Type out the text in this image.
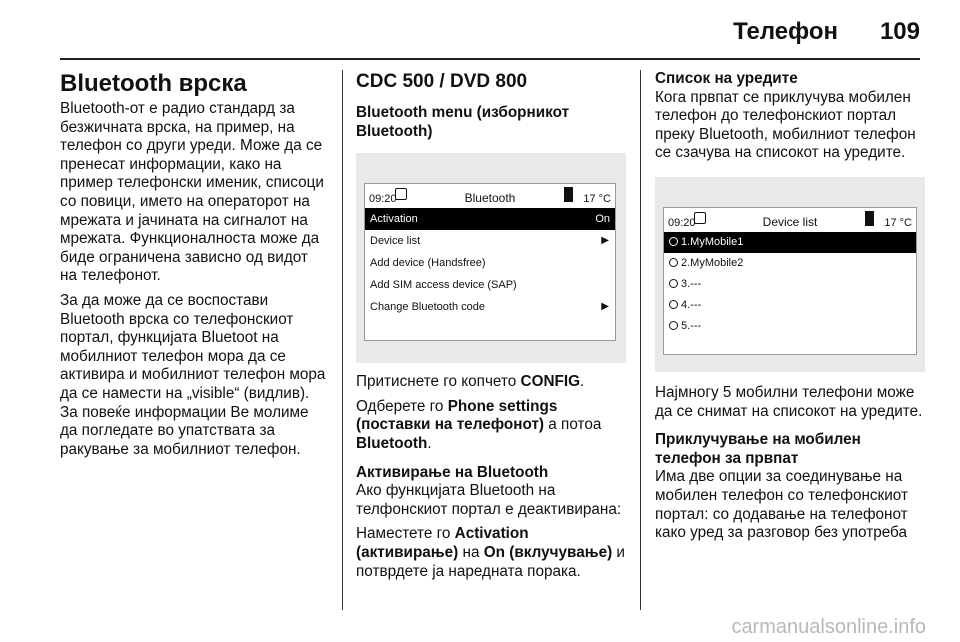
Телефон 109
Bluetooth врска

Bluetooth-от е радио стандард за безжичната врска, на пример, на телефон со други уреди. Може да се пренесат информации, како на пример телефонски именик, списоци со повици, името на операторот на мрежата и јачината на сигналот на мрежата. Функционалноста може да биде ограничена зависно од видот на телефонот.

За да може да се воспостави Bluetooth врска со телефонскиот портал, функцијата Bluetoot на мобилниот телефон мора да се активира и мобилниот телефон мора да се намести на „visible“ (видлив). За повеќе информации Ве молиме да погледате во упатствата за ракување за мобилниот телефон.

CDC 500 / DVD 800
Bluetooth menu (изборникот Bluetooth)
09:20	Bluetooth	17 °C
Activation	On
Device list	▶
Add device (Handsfree)
Add SIM access device (SAP)
Change Bluetooth code	▶

Притиснете го копчето CONFIG.

Одберете го Phone settings (поставки на телефонот) а потоа Bluetooth.

Активирање на Bluetooth

Ако функцијата Bluetooth на телфонскиот портал е деактивирана:

Наместете го Activation (активирање) на On (вклучување) и потврдете ја наредната порака.

Список на уредите

Кога првпат се приклучува мобилен телефон до телефонскиот портал преку Bluetooth, мобилниот телефон се сзачува на списокот на уредите.

09:20	Device list	17 °C
1.MyMobile1
2.MyMobile2
3.---
4.---
5.---

Најмногу 5 мобилни телефони може да се снимат на списокот на уредите.

Приклучување на мобилен телефон за првпат

Има две опции за соединување на мобилен телефон со телефонскиот портал: со додавање на телефонот како уред за разговор без употреба

carmanualsonline.info
